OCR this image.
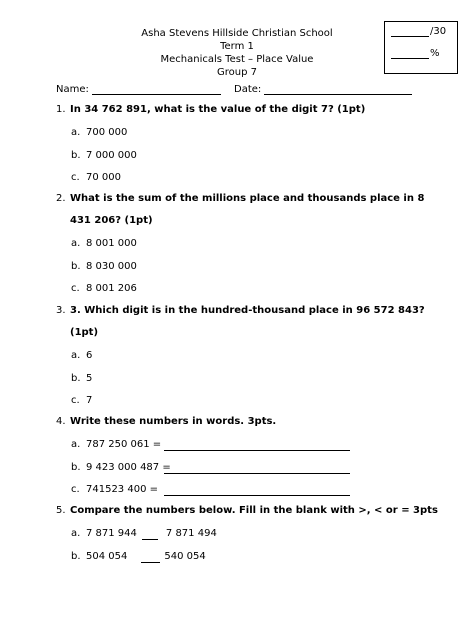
Asha Stevens Hillside Christian School
Term 1
Mechanicals Test – Place Value
Group 7
/30
%
Name:	Date:
1. In 34 762 891, what is the value of the digit 7? (1pt)
a. 700 000
b. 7 000 000
c. 70 000
2. What is the sum of the millions place and thousands place in 8
431 206? (1pt)
a. 8 001 000
b. 8 030 000
c. 8 001 206
3. 3. Which digit is in the hundred-thousand place in 96 572 843?
(1pt)
a. 6
b. 5
c. 7
4. Write these numbers in words. 3pts.
a. 787 250 061 =
b. 9 423 000 487 =
c. 741523 400 =
5. Compare the numbers below. Fill in the blank with >, < or = 3pts
a. 7 871 944	7 871 494
b. 504 054	540 054
